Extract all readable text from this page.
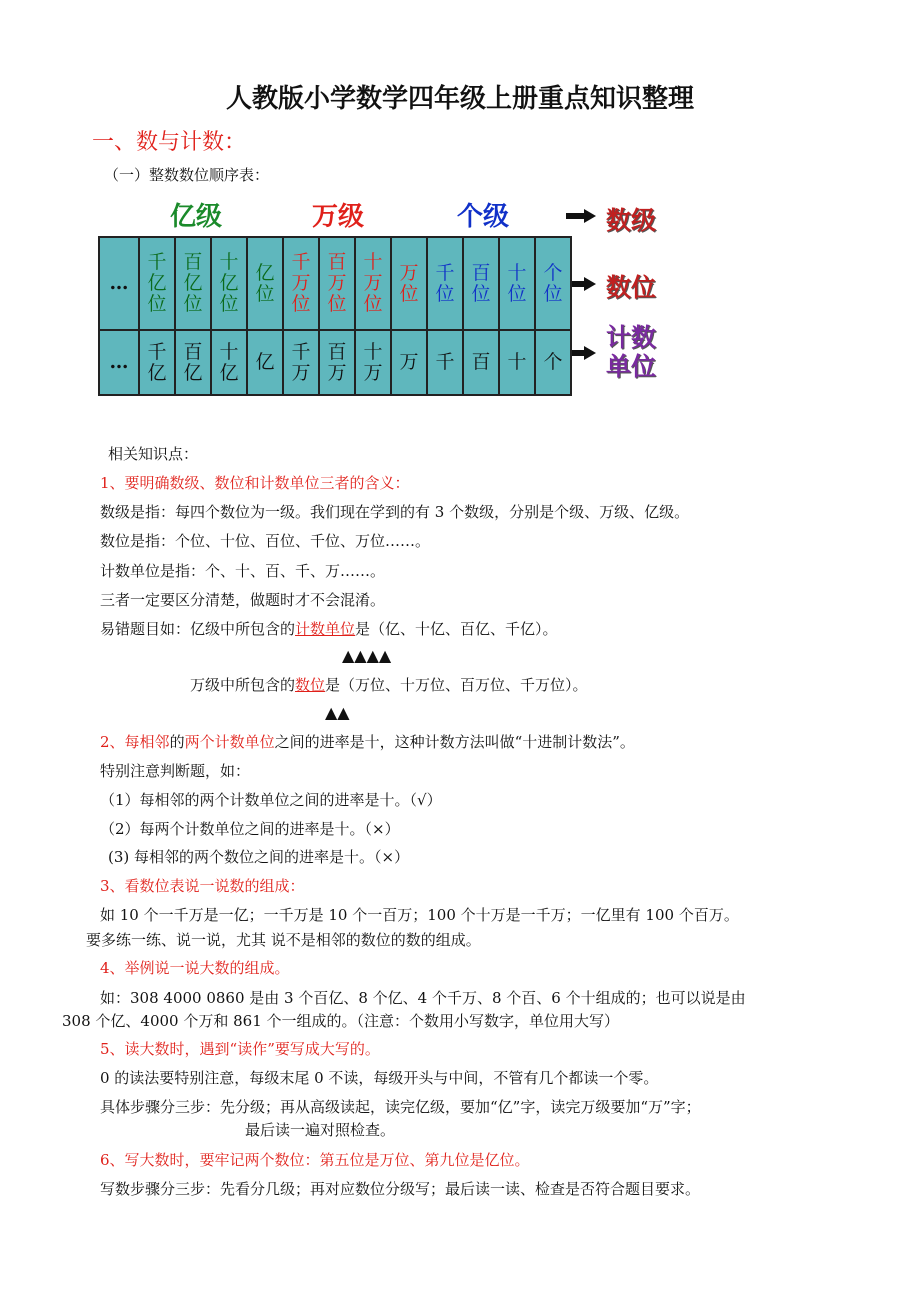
人教版小学数学四年级上册重点知识整理
一、数与计数：
（一）整数数位顺序表：
亿级	万级	个级	数级
数位
计数单位
…	千亿位	百亿位	十亿位	亿位	千万位	百万位	十万位	万位	千位	百位	十位	个位
…	千亿	百亿	十亿	亿	千万	百万	十万	万	千	百	十	个
相关知识点：
1、要明确数级、数位和计数单位三者的含义：
数级是指：每四个数位为一级。我们现在学到的有 3 个数级，分别是个级、万级、亿级。
数位是指：个位、十位、百位、千位、万位……。
计数单位是指：个、十、百、千、万……。
三者一定要区分清楚，做题时才不会混淆。
易错题目如：亿级中所包含的计数单位是（亿、十亿、百亿、千亿）。
▲▲▲▲
万级中所包含的数位是（万位、十万位、百万位、千万位）。
▲▲
2、每相邻的两个计数单位之间的进率是十，这种计数方法叫做“十进制计数法”。
特别注意判断题，如：
（1）每相邻的两个计数单位之间的进率是十。（√）
（2）每两个计数单位之间的进率是十。（×）
(3) 每相邻的两个数位之间的进率是十。（×）
3、看数位表说一说数的组成：
如 10 个一千万是一亿；一千万是 10 个一百万；100 个十万是一千万；一亿里有 100 个百万。
要多练一练、说一说，尤其 说不是相邻的数位的数的组成。
4、举例说一说大数的组成。
如：308 4000 0860 是由 3 个百亿、8 个亿、4 个千万、8 个百、6 个十组成的；也可以说是由
308 个亿、4000 个万和 861 个一组成的。（注意：个数用小写数字，单位用大写）
5、读大数时，遇到“读作”要写成大写的。
0 的读法要特别注意，每级末尾 0 不读，每级开头与中间，不管有几个都读一个零。
具体步骤分三步：先分级；再从高级读起，读完亿级，要加“亿”字，读完万级要加“万”字；
最后读一遍对照检查。
6、写大数时，要牢记两个数位：第五位是万位、第九位是亿位。
写数步骤分三步：先看分几级；再对应数位分级写；最后读一读、检查是否符合题目要求。
